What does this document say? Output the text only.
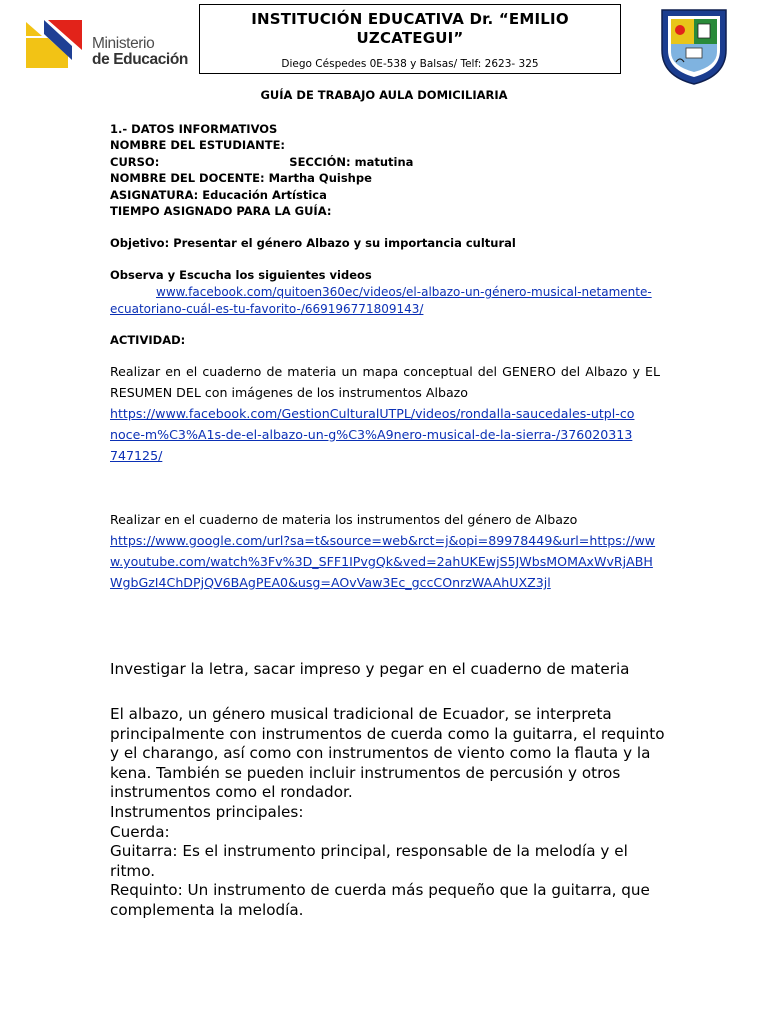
Ministerio
de Educación
INSTITUCIÓN EDUCATIVA Dr. “EMILIO UZCATEGUI”
Diego Céspedes 0E-538 y Balsas/ Telf: 2623- 325
GUÍA DE TRABAJO AULA DOMICILIARIA
1.- DATOS INFORMATIVOS
NOMBRE DEL ESTUDIANTE:
CURSO:	SECCIÓN: matutina
NOMBRE DEL DOCENTE: Martha Quishpe
ASIGNATURA: Educación Artística
TIEMPO ASIGNADO PARA LA GUÍA:
Objetivo: Presentar el género Albazo y su importancia cultural
Observa y Escucha los siguientes videos
www.facebook.com/quitoen360ec/videos/el-albazo-un-género-musical-netamente-ecuatoriano-cuál-es-tu-favorito-/669196771809143/
ACTIVIDAD:
Realizar en el cuaderno de materia un mapa conceptual del GENERO del Albazo y EL RESUMEN DEL con imágenes de los instrumentos Albazo
https://www.facebook.com/GestionCulturalUTPL/videos/rondalla-saucedales-utpl-conoce-m%C3%A1s-de-el-albazo-un-g%C3%A9nero-musical-de-la-sierra-/376020313747125/
Realizar en el cuaderno de materia los instrumentos del género de Albazo
https://www.google.com/url?sa=t&source=web&rct=j&opi=89978449&url=https://www.youtube.com/watch%3Fv%3D_SFF1IPvgQk&ved=2ahUKEwjS5JWbsMOMAxWvRjABHWgbGzI4ChDPjQV6BAgPEA0&usg=AOvVaw3Ec_gccCOnrzWAAhUXZ3jl
Investigar la letra, sacar impreso y pegar en el cuaderno de materia
El albazo, un género musical tradicional de Ecuador, se interpreta principalmente con instrumentos de cuerda como la guitarra, el requinto y el charango, así como con instrumentos de viento como la flauta y la kena. También se pueden incluir instrumentos de percusión y otros instrumentos como el rondador.
Instrumentos principales:
Cuerda:
Guitarra: Es el instrumento principal, responsable de la melodía y el ritmo.
Requinto: Un instrumento de cuerda más pequeño que la guitarra, que complementa la melodía.
